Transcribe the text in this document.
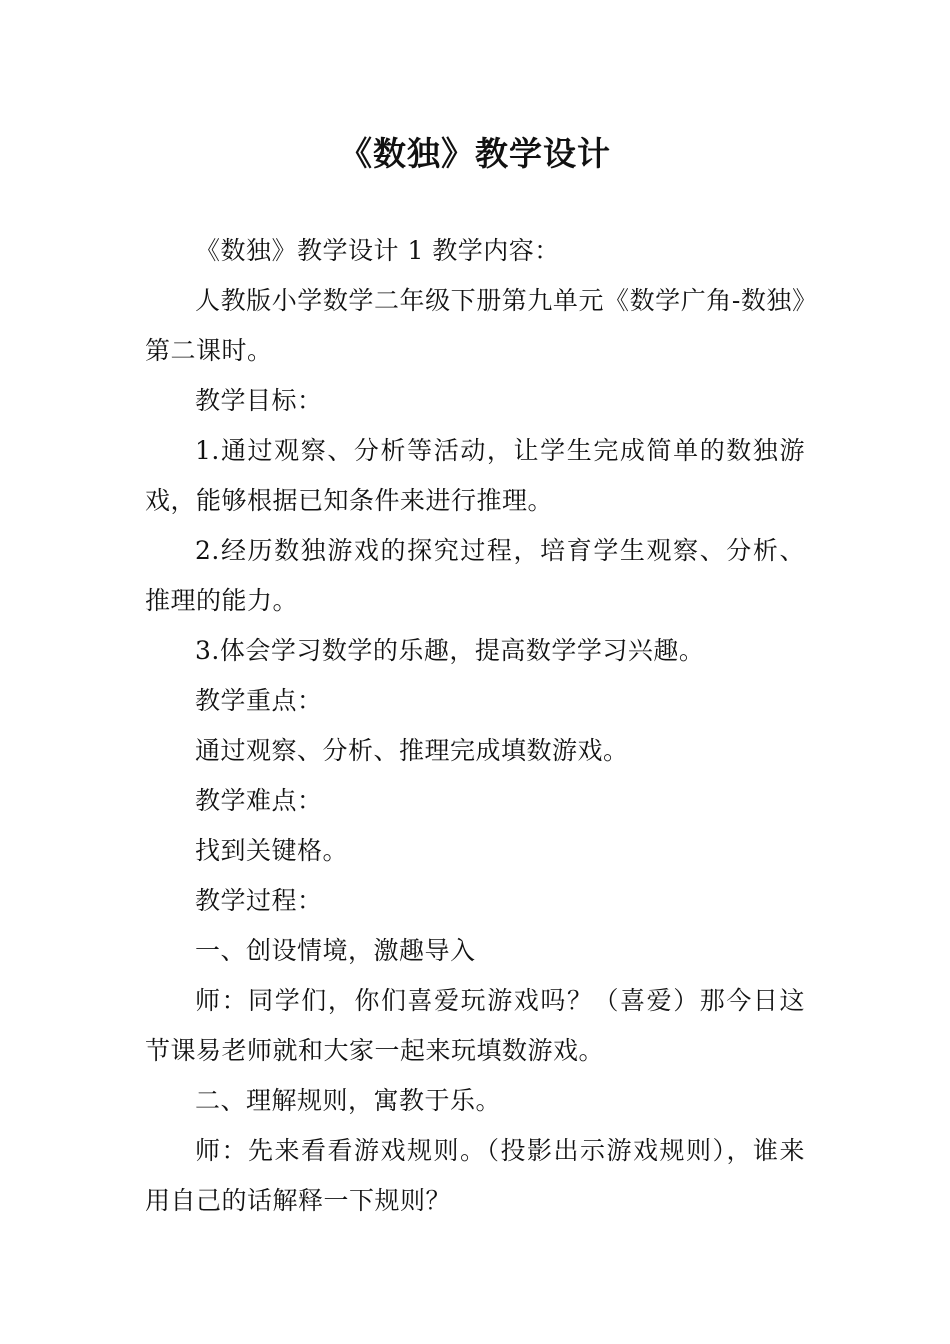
《数独》教学设计

《数独》教学设计 1 教学内容：

人教版小学数学二年级下册第九单元《数学广角-数独》第二课时。

教学目标：

1.通过观察、分析等活动，让学生完成简单的数独游戏，能够根据已知条件来进行推理。

2.经历数独游戏的探究过程，培育学生观察、分析、推理的能力。

3.体会学习数学的乐趣，提高数学学习兴趣。

教学重点：

通过观察、分析、推理完成填数游戏。

教学难点：

找到关键格。

教学过程：

一、创设情境，激趣导入

师：同学们，你们喜爱玩游戏吗？（喜爱）那今日这节课易老师就和大家一起来玩填数游戏。

二、理解规则，寓教于乐。

师：先来看看游戏规则。（投影出示游戏规则），谁来用自己的话解释一下规则？
